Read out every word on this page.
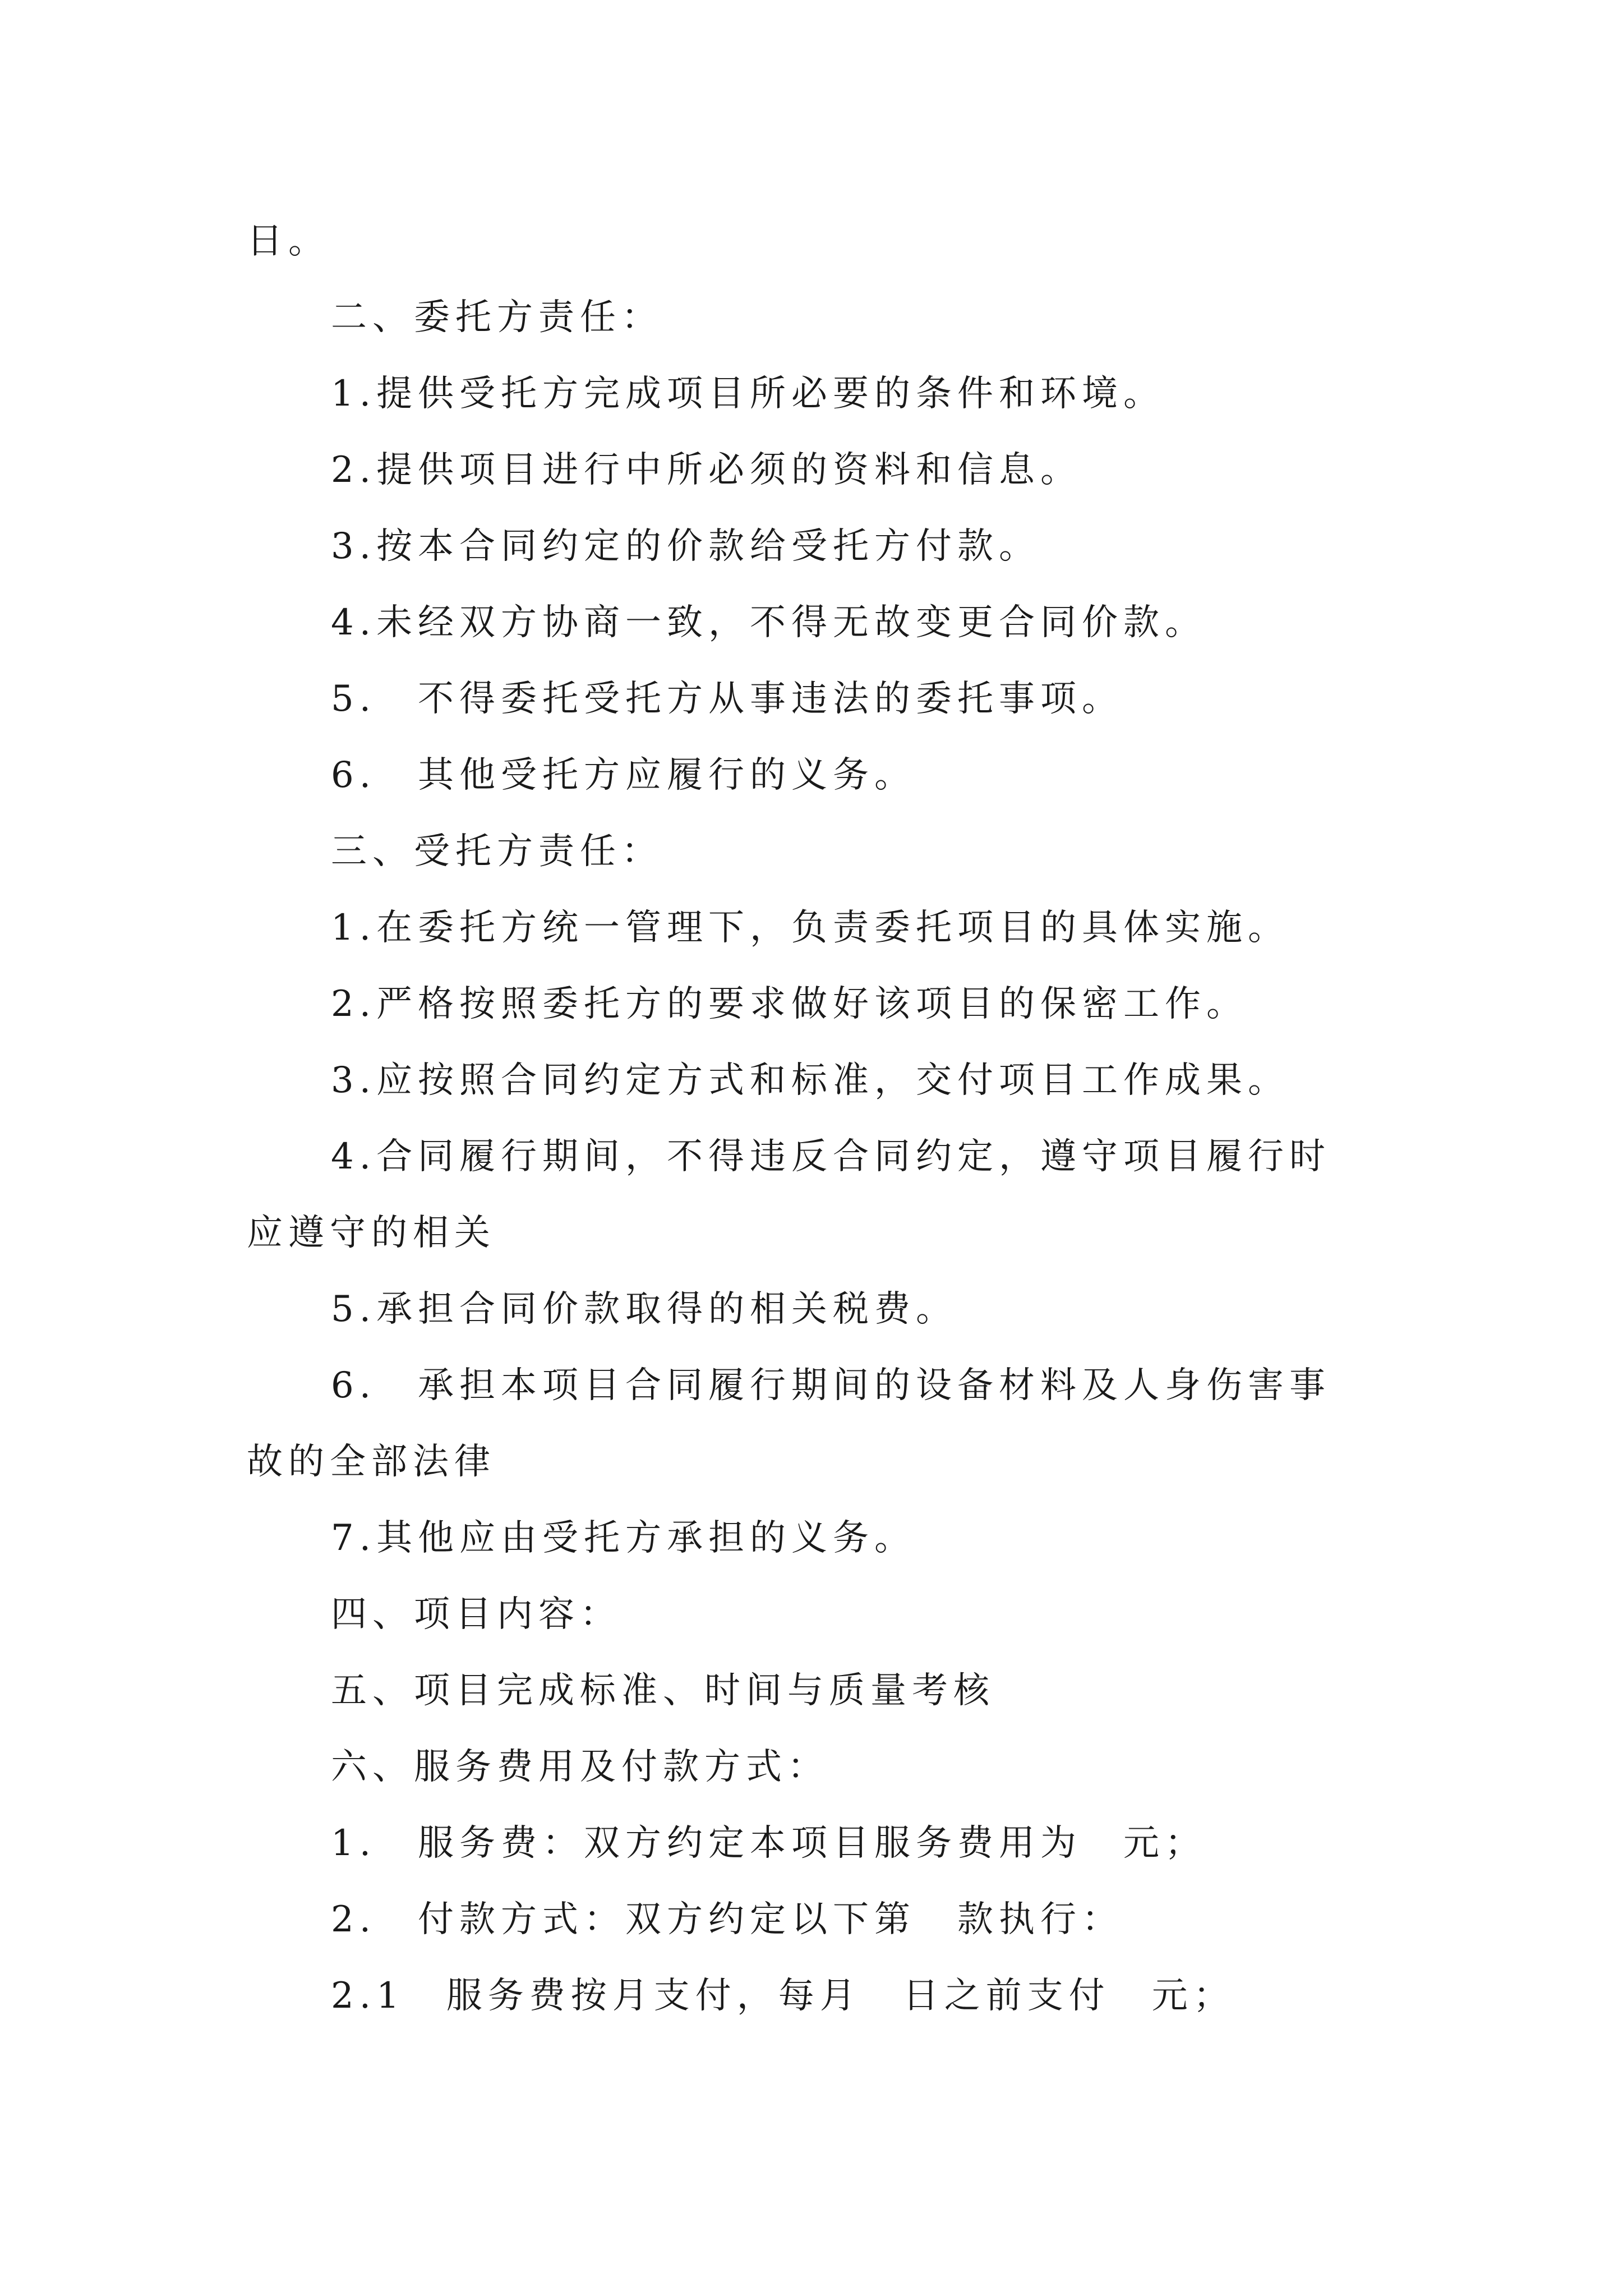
日。
二、委托方责任：
1.提供受托方完成项目所必要的条件和环境。
2.提供项目进行中所必须的资料和信息。
3.按本合同约定的价款给受托方付款。
4.未经双方协商一致，不得无故变更合同价款。
5.　不得委托受托方从事违法的委托事项。
6.　其他受托方应履行的义务。
三、受托方责任：
1.在委托方统一管理下，负责委托项目的具体实施。
2.严格按照委托方的要求做好该项目的保密工作。
3.应按照合同约定方式和标准，交付项目工作成果。
4.合同履行期间，不得违反合同约定，遵守项目履行时
应遵守的相关
5.承担合同价款取得的相关税费。
6.　承担本项目合同履行期间的设备材料及人身伤害事
故的全部法律
7.其他应由受托方承担的义务。
四、项目内容：
五、项目完成标准、时间与质量考核
六、服务费用及付款方式：
1.　服务费：双方约定本项目服务费用为　元；
2.　付款方式：双方约定以下第　款执行：
2.1　服务费按月支付，每月　日之前支付　元；
